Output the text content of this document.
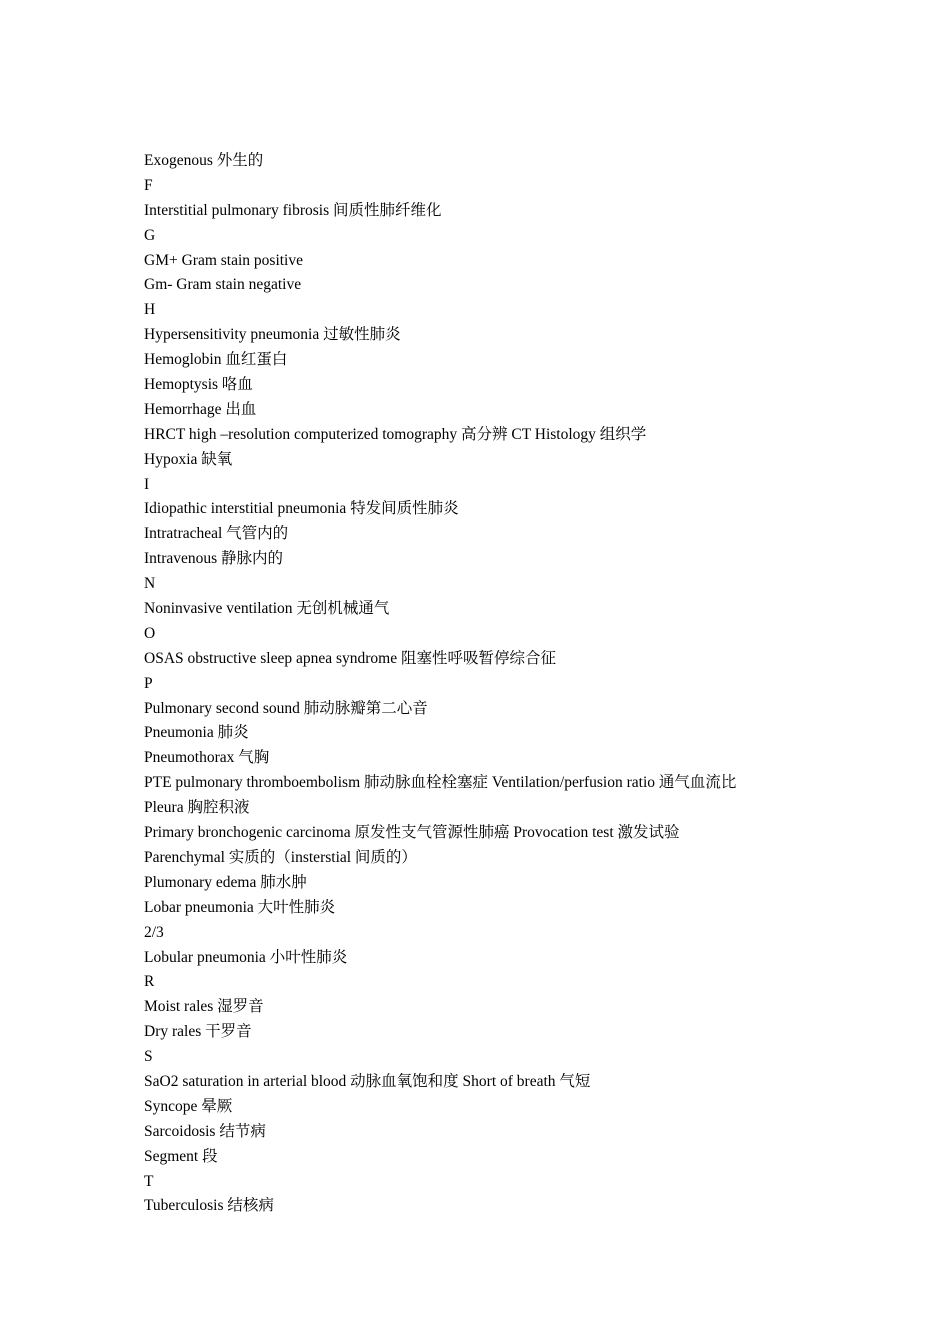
Exogenous 外生的
F
Interstitial pulmonary fibrosis 间质性肺纤维化
G
GM+ Gram stain positive
Gm- Gram stain negative
H
Hypersensitivity pneumonia 过敏性肺炎
Hemoglobin 血红蛋白
Hemoptysis 咯血
Hemorrhage 出血
HRCT high –resolution computerized tomography 高分辨 CT Histology 组织学
Hypoxia 缺氧
I
Idiopathic interstitial pneumonia 特发间质性肺炎
Intratracheal 气管内的
Intravenous 静脉内的
N
Noninvasive ventilation 无创机械通气
O
OSAS obstructive sleep apnea syndrome 阻塞性呼吸暂停综合征
P
Pulmonary second sound 肺动脉瓣第二心音
Pneumonia 肺炎
Pneumothorax 气胸
PTE pulmonary thromboembolism 肺动脉血栓栓塞症 Ventilation/perfusion ratio 通气血流比
Pleura 胸腔积液
Primary bronchogenic carcinoma 原发性支气管源性肺癌 Provocation test 激发试验
Parenchymal 实质的（insterstial 间质的）
Plumonary edema 肺水肿
Lobar pneumonia 大叶性肺炎
2/3
Lobular pneumonia 小叶性肺炎
R
Moist rales 湿罗音
Dry rales 干罗音
S
SaO2 saturation in arterial blood 动脉血氧饱和度 Short of breath 气短
Syncope 晕厥
Sarcoidosis 结节病
Segment 段
T
Tuberculosis 结核病
